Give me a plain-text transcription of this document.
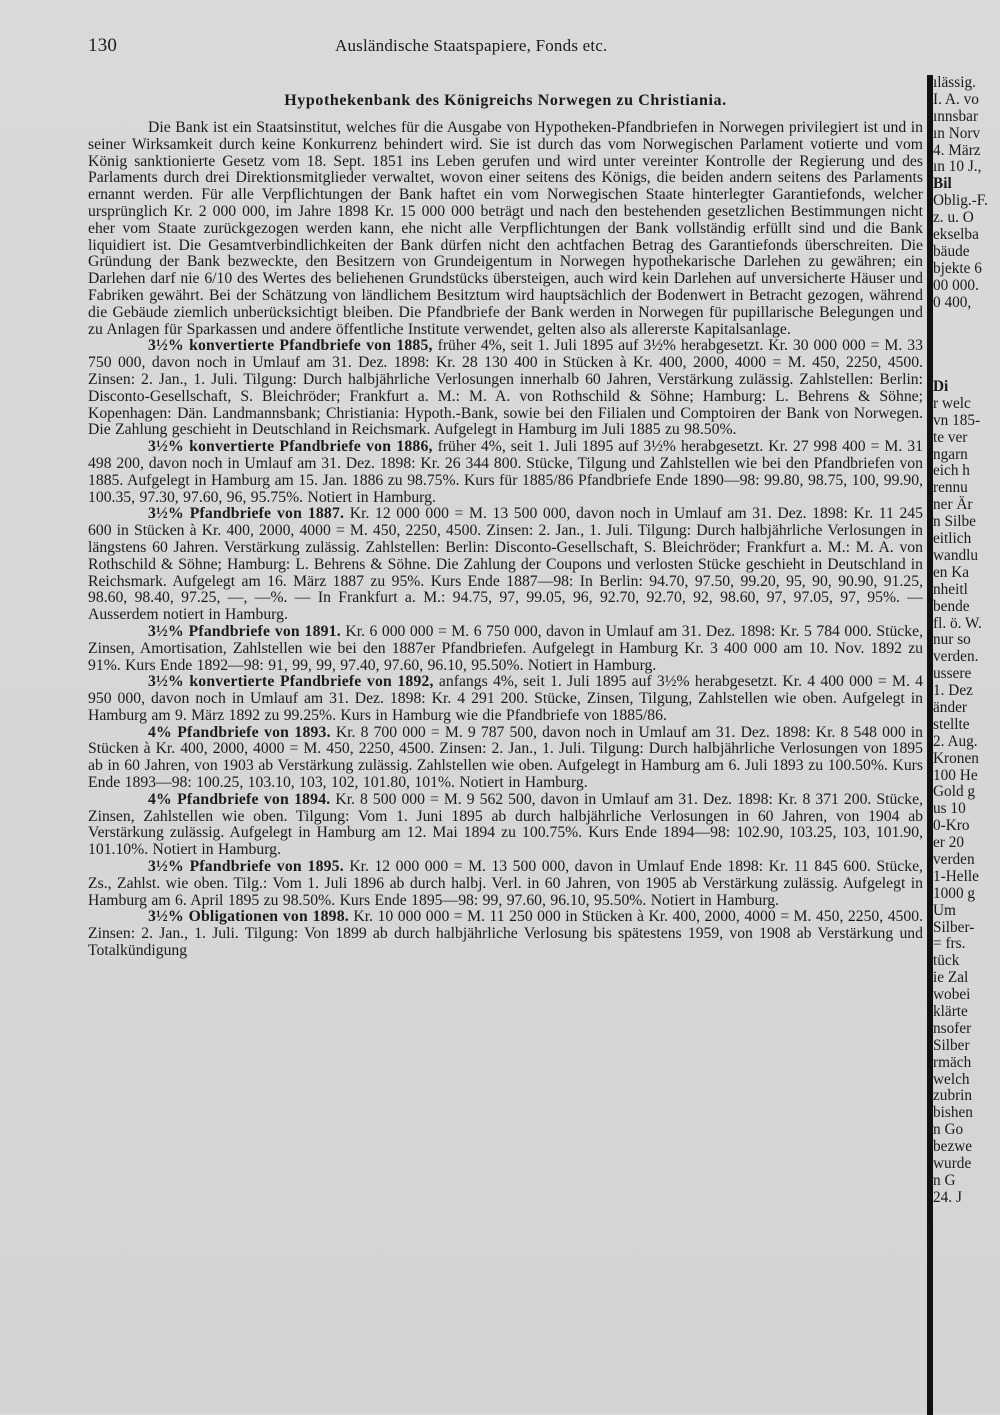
130	Ausländische Staatspapiere, Fonds etc.
Hypothekenbank des Königreichs Norwegen zu Christiania.

Die Bank ist ein Staatsinstitut, welches für die Ausgabe von Hypotheken-Pfandbriefen in Norwegen privilegiert ist und in seiner Wirksamkeit durch keine Konkurrenz behindert wird. Sie ist durch das vom Norwegischen Parlament votierte und vom König sanktionierte Gesetz vom 18. Sept. 1851 ins Leben gerufen und wird unter vereinter Kontrolle der Regierung und des Parlaments durch drei Direktionsmitglieder verwaltet, wovon einer seitens des Königs, die beiden andern seitens des Parlaments ernannt werden. Für alle Verpflichtungen der Bank haftet ein vom Norwegischen Staate hinterlegter Garantiefonds, welcher ursprünglich Kr. 2 000 000, im Jahre 1898 Kr. 15 000 000 beträgt und nach den bestehenden gesetzlichen Bestimmungen nicht eher vom Staate zurückgezogen werden kann, ehe nicht alle Verpflichtungen der Bank vollständig erfüllt sind und die Bank liquidiert ist. Die Gesamtverbindlichkeiten der Bank dürfen nicht den achtfachen Betrag des Garantiefonds überschreiten. Die Gründung der Bank bezweckte, den Besitzern von Grundeigentum in Norwegen hypothekarische Darlehen zu gewähren; ein Darlehen darf nie 6/10 des Wertes des beliehenen Grundstücks übersteigen, auch wird kein Darlehen auf unversicherte Häuser und Fabriken gewährt. Bei der Schätzung von ländlichem Besitztum wird hauptsächlich der Bodenwert in Betracht gezogen, während die Gebäude ziemlich unberücksichtigt bleiben. Die Pfandbriefe der Bank werden in Norwegen für pupillarische Belegungen und zu Anlagen für Sparkassen und andere öffentliche Institute verwendet, gelten also als allererste Kapitalsanlage.

3½% konvertierte Pfandbriefe von 1885, früher 4%, seit 1. Juli 1895 auf 3½% herabgesetzt. Kr. 30 000 000 = M. 33 750 000, davon noch in Umlauf am 31. Dez. 1898: Kr. 28 130 400 in Stücken à Kr. 400, 2000, 4000 = M. 450, 2250, 4500. Zinsen: 2. Jan., 1. Juli. Tilgung: Durch halbjährliche Verlosungen innerhalb 60 Jahren, Verstärkung zulässig. Zahlstellen: Berlin: Disconto-Gesellschaft, S. Bleichröder; Frankfurt a. M.: M. A. von Rothschild & Söhne; Hamburg: L. Behrens & Söhne; Kopenhagen: Dän. Landmannsbank; Christiania: Hypoth.-Bank, sowie bei den Filialen und Comptoiren der Bank von Norwegen. Die Zahlung geschieht in Deutschland in Reichsmark. Aufgelegt in Hamburg im Juli 1885 zu 98.50%.

3½% konvertierte Pfandbriefe von 1886, früher 4%, seit 1. Juli 1895 auf 3½% herabgesetzt. Kr. 27 998 400 = M. 31 498 200, davon noch in Umlauf am 31. Dez. 1898: Kr. 26 344 800. Stücke, Tilgung und Zahlstellen wie bei den Pfandbriefen von 1885. Aufgelegt in Hamburg am 15. Jan. 1886 zu 98.75%. Kurs für 1885/86 Pfandbriefe Ende 1890—98: 99.80, 98.75, 100, 99.90, 100.35, 97.30, 97.60, 96, 95.75%. Notiert in Hamburg.

3½% Pfandbriefe von 1887. Kr. 12 000 000 = M. 13 500 000, davon noch in Umlauf am 31. Dez. 1898: Kr. 11 245 600 in Stücken à Kr. 400, 2000, 4000 = M. 450, 2250, 4500. Zinsen: 2. Jan., 1. Juli. Tilgung: Durch halbjährliche Verlosungen in längstens 60 Jahren. Verstärkung zulässig. Zahlstellen: Berlin: Disconto-Gesellschaft, S. Bleichröder; Frankfurt a. M.: M. A. von Rothschild & Söhne; Hamburg: L. Behrens & Söhne. Die Zahlung der Coupons und verlosten Stücke geschieht in Deutschland in Reichsmark. Aufgelegt am 16. März 1887 zu 95%. Kurs Ende 1887—98: In Berlin: 94.70, 97.50, 99.20, 95, 90, 90.90, 91.25, 98.60, 98.40, 97.25, —, —%. — In Frankfurt a. M.: 94.75, 97, 99.05, 96, 92.70, 92.70, 92, 98.60, 97, 97.05, 97, 95%. — Ausserdem notiert in Hamburg.

3½% Pfandbriefe von 1891. Kr. 6 000 000 = M. 6 750 000, davon in Umlauf am 31. Dez. 1898: Kr. 5 784 000. Stücke, Zinsen, Amortisation, Zahlstellen wie bei den 1887er Pfandbriefen. Aufgelegt in Hamburg Kr. 3 400 000 am 10. Nov. 1892 zu 91%. Kurs Ende 1892—98: 91, 99, 99, 97.40, 97.60, 96.10, 95.50%. Notiert in Hamburg.

3½% konvertierte Pfandbriefe von 1892, anfangs 4%, seit 1. Juli 1895 auf 3½% herabgesetzt. Kr. 4 400 000 = M. 4 950 000, davon noch in Umlauf am 31. Dez. 1898: Kr. 4 291 200. Stücke, Zinsen, Tilgung, Zahlstellen wie oben. Aufgelegt in Hamburg am 9. März 1892 zu 99.25%. Kurs in Hamburg wie die Pfandbriefe von 1885/86.

4% Pfandbriefe von 1893. Kr. 8 700 000 = M. 9 787 500, davon noch in Umlauf am 31. Dez. 1898: Kr. 8 548 000 in Stücken à Kr. 400, 2000, 4000 = M. 450, 2250, 4500. Zinsen: 2. Jan., 1. Juli. Tilgung: Durch halbjährliche Verlosungen von 1895 ab in 60 Jahren, von 1903 ab Verstärkung zulässig. Zahlstellen wie oben. Aufgelegt in Hamburg am 6. Juli 1893 zu 100.50%. Kurs Ende 1893—98: 100.25, 103.10, 103, 102, 101.80, 101%. Notiert in Hamburg.

4% Pfandbriefe von 1894. Kr. 8 500 000 = M. 9 562 500, davon in Umlauf am 31. Dez. 1898: Kr. 8 371 200. Stücke, Zinsen, Zahlstellen wie oben. Tilgung: Vom 1. Juni 1895 ab durch halbjährliche Verlosungen in 60 Jahren, von 1904 ab Verstärkung zulässig. Aufgelegt in Hamburg am 12. Mai 1894 zu 100.75%. Kurs Ende 1894—98: 102.90, 103.25, 103, 101.90, 101.10%. Notiert in Hamburg.

3½% Pfandbriefe von 1895. Kr. 12 000 000 = M. 13 500 000, davon in Umlauf Ende 1898: Kr. 11 845 600. Stücke, Zs., Zahlst. wie oben. Tilg.: Vom 1. Juli 1896 ab durch halbj. Verl. in 60 Jahren, von 1905 ab Verstärkung zulässig. Aufgelegt in Hamburg am 6. April 1895 zu 98.50%. Kurs Ende 1895—98: 99, 97.60, 96.10, 95.50%. Notiert in Hamburg.

3½% Obligationen von 1898. Kr. 10 000 000 = M. 11 250 000 in Stücken à Kr. 400, 2000, 4000 = M. 450, 2250, 4500. Zinsen: 2. Jan., 1. Juli. Tilgung: Von 1899 ab durch halbjährliche Verlosung bis spätestens 1959, von 1908 ab Verstärkung und Totalkündigung

ılässig.
I. A. vo
ınnsbar
ın Norv
4. März
ın 10 J.,
Bil
Oblig.-F.
z. u. O
ekselba
bäude
bjekte 6
00 000.
0 400,
Di
r welc
vn 185-
te ver
ngarn
eich h
rennu
ner Är
n Silbe
eitlich
wandlu
en Ka
nheitl
bende
fl. ö. W.
nur so
verden.
ussere
1. Dez
änder
stellte
2. Aug.
Kronen
100 He
Gold g
us 10
0-Kro
er 20
verden
1-Helle
1000 g
Um
Silber-
= frs.
tück
ie Zal
wobei
klärte
nsofer
Silber
rmäch
welch
zubrin
bishen
n Go
bezwe
wurde
n G
24. J
